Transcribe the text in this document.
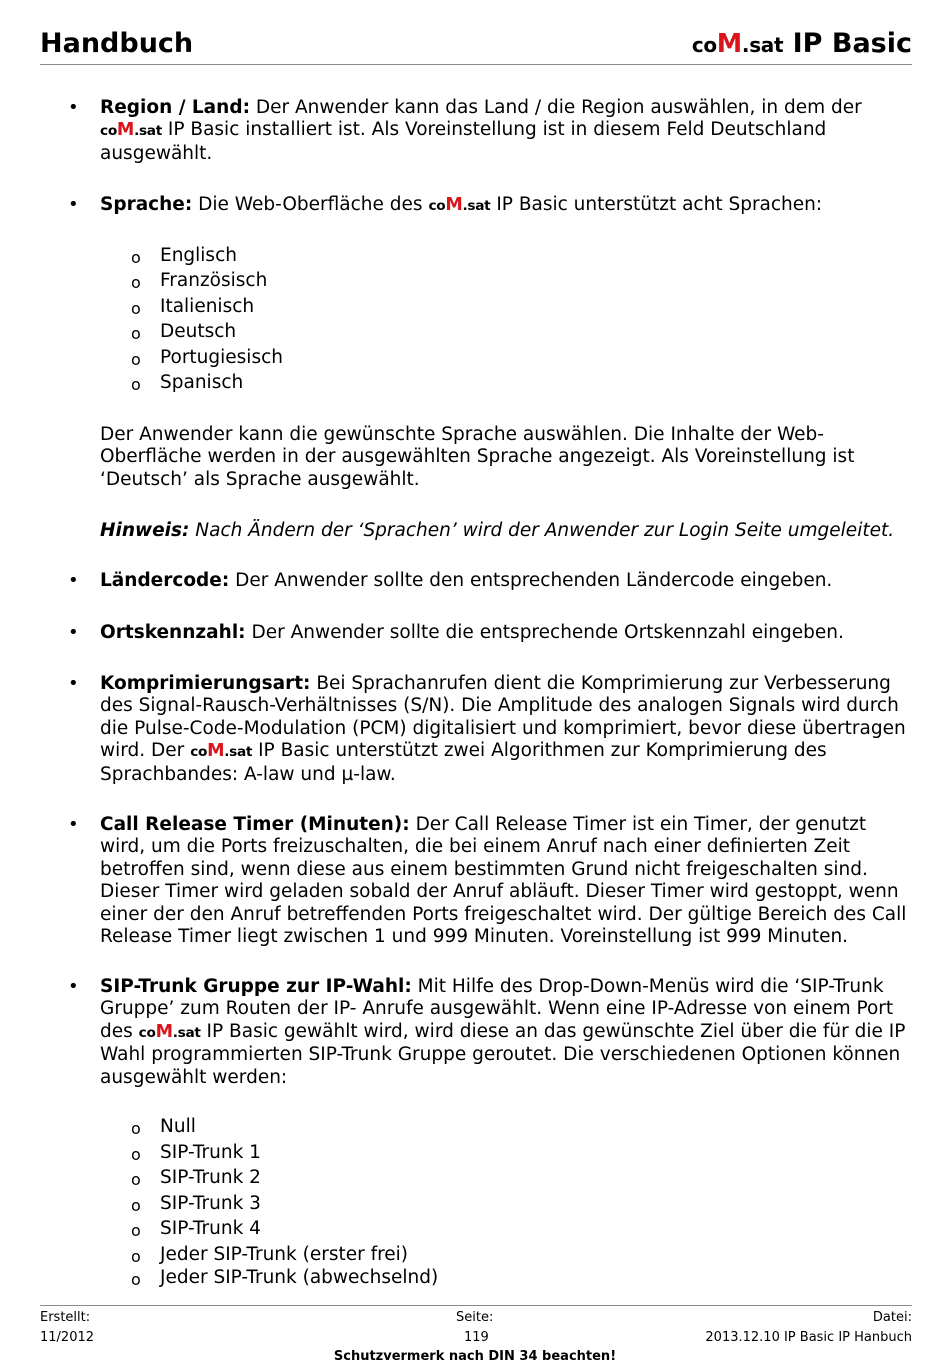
Handbuch	coM.sat IP Basic
• Region / Land: Der Anwender kann das Land / die Region auswählen, in dem der
coM.sat IP Basic installiert ist. Als Voreinstellung ist in diesem Feld Deutschland
ausgewählt.
• Sprache: Die Web-Oberfläche des coM.sat IP Basic unterstützt acht Sprachen:
o Englisch
o Französisch
o Italienisch
o Deutsch
o Portugiesisch
o Spanisch
Der Anwender kann die gewünschte Sprache auswählen. Die Inhalte der Web-
Oberfläche werden in der ausgewählten Sprache angezeigt. Als Voreinstellung ist
‘Deutsch’ als Sprache ausgewählt.
Hinweis: Nach Ändern der ‘Sprachen’ wird der Anwender zur Login Seite umgeleitet.
• Ländercode: Der Anwender sollte den entsprechenden Ländercode eingeben.
• Ortskennzahl: Der Anwender sollte die entsprechende Ortskennzahl eingeben.
• Komprimierungsart: Bei Sprachanrufen dient die Komprimierung zur Verbesserung
des Signal-Rausch-Verhältnisses (S/N). Die Amplitude des analogen Signals wird durch
die Pulse-Code-Modulation (PCM) digitalisiert und komprimiert, bevor diese übertragen
wird. Der coM.sat IP Basic unterstützt zwei Algorithmen zur Komprimierung des
Sprachbandes: A-law und µ-law.
• Call Release Timer (Minuten): Der Call Release Timer ist ein Timer, der genutzt
wird, um die Ports freizuschalten, die bei einem Anruf nach einer definierten Zeit
betroffen sind, wenn diese aus einem bestimmten Grund nicht freigeschalten sind.
Dieser Timer wird geladen sobald der Anruf abläuft. Dieser Timer wird gestoppt, wenn
einer der den Anruf betreffenden Ports freigeschaltet wird. Der gültige Bereich des Call
Release Timer liegt zwischen 1 und 999 Minuten. Voreinstellung ist 999 Minuten.
• SIP-Trunk Gruppe zur IP-Wahl: Mit Hilfe des Drop-Down-Menüs wird die ‘SIP-Trunk
Gruppe’ zum Routen der IP- Anrufe ausgewählt. Wenn eine IP-Adresse von einem Port
des coM.sat IP Basic gewählt wird, wird diese an das gewünschte Ziel über die für die IP
Wahl programmierten SIP-Trunk Gruppe geroutet. Die verschiedenen Optionen können
ausgewählt werden:
o Null
o SIP-Trunk 1
o SIP-Trunk 2
o SIP-Trunk 3
o SIP-Trunk 4
o Jeder SIP-Trunk (erster frei)
o Jeder SIP-Trunk (abwechselnd)
Erstellt:
11/2012
Seite:
119
Datei:
2013.12.10 IP Basic IP Hanbuch
Schutzvermerk nach DIN 34 beachten!
